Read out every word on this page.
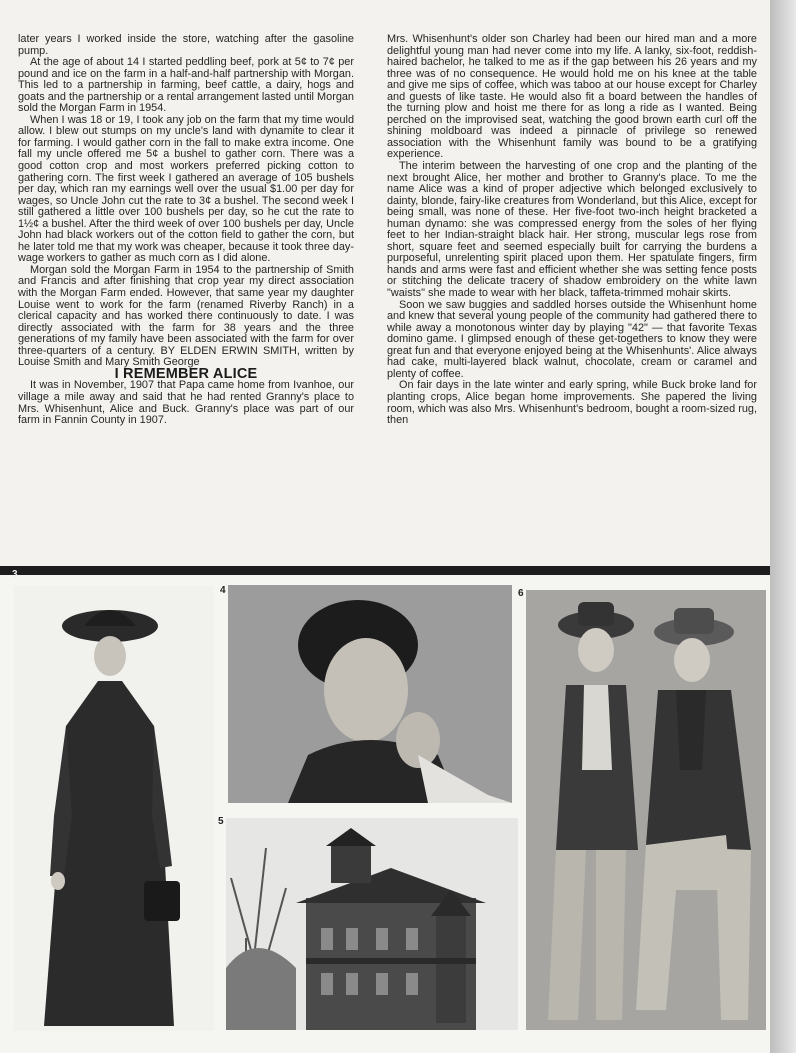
later years I worked inside the store, watching after the gasoline pump.

At the age of about 14 I started peddling beef, pork at 5¢ to 7¢ per pound and ice on the farm in a half-and-half partnership with Morgan. This led to a partnership in farming, beef cattle, a dairy, hogs and goats and the partnership or a rental arrangement lasted until Morgan sold the Morgan Farm in 1954.

When I was 18 or 19, I took any job on the farm that my time would allow. I blew out stumps on my uncle's land with dynamite to clear it for farming. I would gather corn in the fall to make extra income. One fall my uncle offered me 5¢ a bushel to gather corn. There was a good cotton crop and most workers preferred picking cotton to gathering corn. The first week I gathered an average of 105 bushels per day, which ran my earnings well over the usual $1.00 per day for wages, so Uncle John cut the rate to 3¢ a bushel. The second week I still gathered a little over 100 bushels per day, so he cut the rate to 1½¢ a bushel. After the third week of over 100 bushels per day, Uncle John had black workers out of the cotton field to gather the corn, but he later told me that my work was cheaper, because it took three day-wage workers to gather as much corn as I did alone.

Morgan sold the Morgan Farm in 1954 to the partnership of Smith and Francis and after finishing that crop year my direct association with the Morgan Farm ended. However, that same year my daughter Louise went to work for the farm (renamed Riverby Ranch) in a clerical capacity and has worked there continuously to date. I was directly associated with the farm for 38 years and the three generations of my family have been associated with the farm for over three-quarters of a century. BY ELDEN ERWIN SMITH, written by Louise Smith and Mary Smith George

I REMEMBER ALICE

It was in November, 1907 that Papa came home from Ivanhoe, our village a mile away and said that he had rented Granny's place to Mrs. Whisenhunt, Alice and Buck. Granny's place was part of our farm in Fannin County in 1907.

Mrs. Whisenhunt's older son Charley had been our hired man and a more delightful young man had never come into my life. A lanky, six-foot, reddish-haired bachelor, he talked to me as if the gap between his 26 years and my three was of no consequence. He would hold me on his knee at the table and give me sips of coffee, which was taboo at our house except for Charley and guests of like taste. He would also fit a board between the handles of the turning plow and hoist me there for as long a ride as I wanted. Being perched on the improvised seat, watching the good brown earth curl off the shining moldboard was indeed a pinnacle of privilege so renewed association with the Whisenhunt family was bound to be a gratifying experience.

The interim between the harvesting of one crop and the planting of the next brought Alice, her mother and brother to Granny's place. To me the name Alice was a kind of proper adjective which belonged exclusively to dainty, blonde, fairy-like creatures from Wonderland, but this Alice, except for being small, was none of these. Her five-foot two-inch height bracketed a human dynamo: she was compressed energy from the soles of her flying feet to her Indian-straight black hair. Her strong, muscular legs rose from short, square feet and seemed especially built for carrying the burdens a purposeful, unrelenting spirit placed upon them. Her spatulate fingers, firm hands and arms were fast and efficient whether she was setting fence posts or stitching the delicate tracery of shadow embroidery on the white lawn "waists" she made to wear with her black, taffeta-trimmed mohair skirts.

Soon we saw buggies and saddled horses outside the Whisenhunt home and knew that several young people of the community had gathered there to while away a monotonous winter day by playing "42" — that favorite Texas domino game. I glimpsed enough of these get-togethers to know they were great fun and that everyone enjoyed being at the Whisenhunts'. Alice always had cake, multi-layered black walnut, chocolate, cream or caramel and plenty of coffee.

On fair days in the late winter and early spring, while Buck broke land for planting crops, Alice began home improvements. She papered the living room, which was also Mrs. Whisenhunt's bedroom, bought a room-sized rug, then

3
4
5
6
